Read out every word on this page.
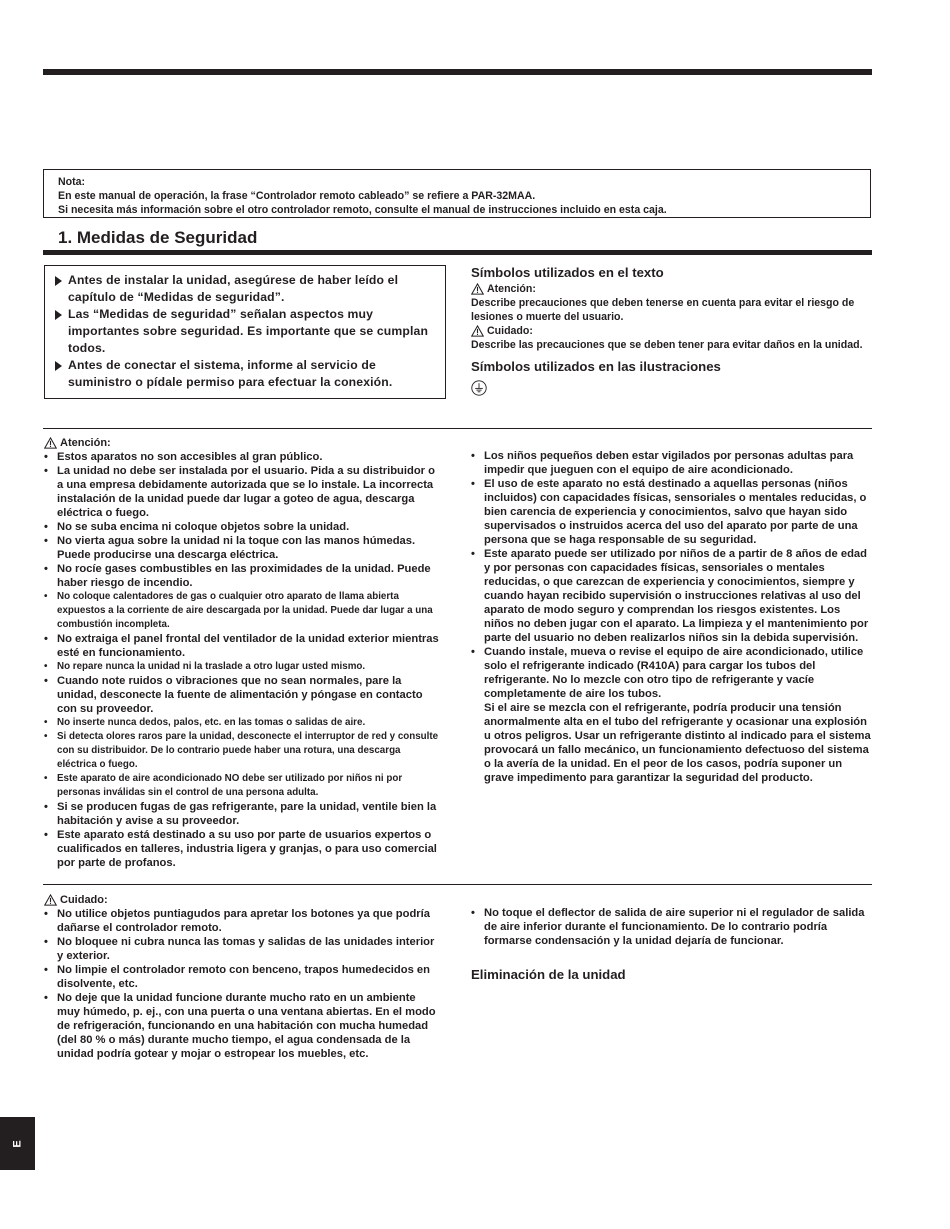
Nota:
En este manual de operación, la frase “Controlador remoto cableado” se refiere a PAR-32MAA.
Si necesita más información sobre el otro controlador remoto, consulte el manual de instrucciones incluido en esta caja.
1. Medidas de Seguridad
Antes de instalar la unidad, asegúrese de haber leído el capítulo de “Medidas de seguridad”.
Las “Medidas de seguridad” señalan aspectos muy importantes sobre seguridad. Es importante que se cumplan todos.
Antes de conectar el sistema, informe al servicio de suministro o pídale permiso para efectuar la conexión.
Símbolos utilizados en el texto
Atención:
Describe precauciones que deben tenerse en cuenta para evitar el riesgo de lesiones o muerte del usuario.
Cuidado:
Describe las precauciones que se deben tener para evitar daños en la unidad.
Símbolos utilizados en las ilustraciones
Atención:
• Estos aparatos no son accesibles al gran público.
• La unidad no debe ser instalada por el usuario. Pida a su distribuidor o a una empresa debidamente autorizada que se lo instale. La incorrecta instalación de la unidad puede dar lugar a goteo de agua, descarga eléctrica o fuego.
• No se suba encima ni coloque objetos sobre la unidad.
• No vierta agua sobre la unidad ni la toque con las manos húmedas. Puede producirse una descarga eléctrica.
• No rocíe gases combustibles en las proximidades de la unidad. Puede haber riesgo de incendio.
• No coloque calentadores de gas o cualquier otro aparato de llama abierta expuestos a la corriente de aire descargada por la unidad. Puede dar lugar a una combustión incompleta.
• No extraiga el panel frontal del ventilador de la unidad exterior mientras esté en funcionamiento.
• No repare nunca la unidad ni la traslade a otro lugar usted mismo.
• Cuando note ruidos o vibraciones que no sean normales, pare la unidad, desconecte la fuente de alimentación y póngase en contacto con su proveedor.
• No inserte nunca dedos, palos, etc. en las tomas o salidas de aire.
• Si detecta olores raros pare la unidad, desconecte el interruptor de red y consulte con su distribuidor. De lo contrario puede haber una rotura, una descarga eléctrica o fuego.
• Este aparato de aire acondicionado NO debe ser utilizado por niños ni por personas inválidas sin el control de una persona adulta.
• Si se producen fugas de gas refrigerante, pare la unidad, ventile bien la habitación y avise a su proveedor.
• Este aparato está destinado a su uso por parte de usuarios expertos o cualificados en talleres, industria ligera y granjas, o para uso comercial por parte de profanos.
• Los niños pequeños deben estar vigilados por personas adultas para impedir que jueguen con el equipo de aire acondicionado.
• El uso de este aparato no está destinado a aquellas personas (niños incluidos) con capacidades físicas, sensoriales o mentales reducidas, o bien carencia de experiencia y conocimientos, salvo que hayan sido supervisados o instruidos acerca del uso del aparato por parte de una persona que se haga responsable de su seguridad.
• Este aparato puede ser utilizado por niños de a partir de 8 años de edad y por personas con capacidades físicas, sensoriales o mentales reducidas, o que carezcan de experiencia y conocimientos, siempre y cuando hayan recibido supervisión o instrucciones relativas al uso del aparato de modo seguro y comprendan los riesgos existentes. Los niños no deben jugar con el aparato. La limpieza y el mantenimiento por parte del usuario no deben realizarlos niños sin la debida supervisión.
• Cuando instale, mueva o revise el equipo de aire acondicionado, utilice solo el refrigerante indicado (R410A) para cargar los tubos del refrigerante. No lo mezcle con otro tipo de refrigerante y vacíe completamente de aire los tubos.
Si el aire se mezcla con el refrigerante, podría producir una tensión anormalmente alta en el tubo del refrigerante y ocasionar una explosión u otros peligros. Usar un refrigerante distinto al indicado para el sistema provocará un fallo mecánico, un funcionamiento defectuoso del sistema o la avería de la unidad. En el peor de los casos, podría suponer un grave impedimento para garantizar la seguridad del producto.
Cuidado:
• No utilice objetos puntiagudos para apretar los botones ya que podría dañarse el controlador remoto.
• No bloquee ni cubra nunca las tomas y salidas de las unidades interior y exterior.
• No limpie el controlador remoto con benceno, trapos humedecidos en disolvente, etc.
• No deje que la unidad funcione durante mucho rato en un ambiente muy húmedo, p. ej., con una puerta o una ventana abiertas. En el modo de refrigeración, funcionando en una habitación con mucha humedad (del 80 % o más) durante mucho tiempo, el agua condensada de la unidad podría gotear y mojar o estropear los muebles, etc.
• No toque el deflector de salida de aire superior ni el regulador de salida de aire inferior durante el funcionamiento. De lo contrario podría formarse condensación y la unidad dejaría de funcionar.
Eliminación de la unidad
E
